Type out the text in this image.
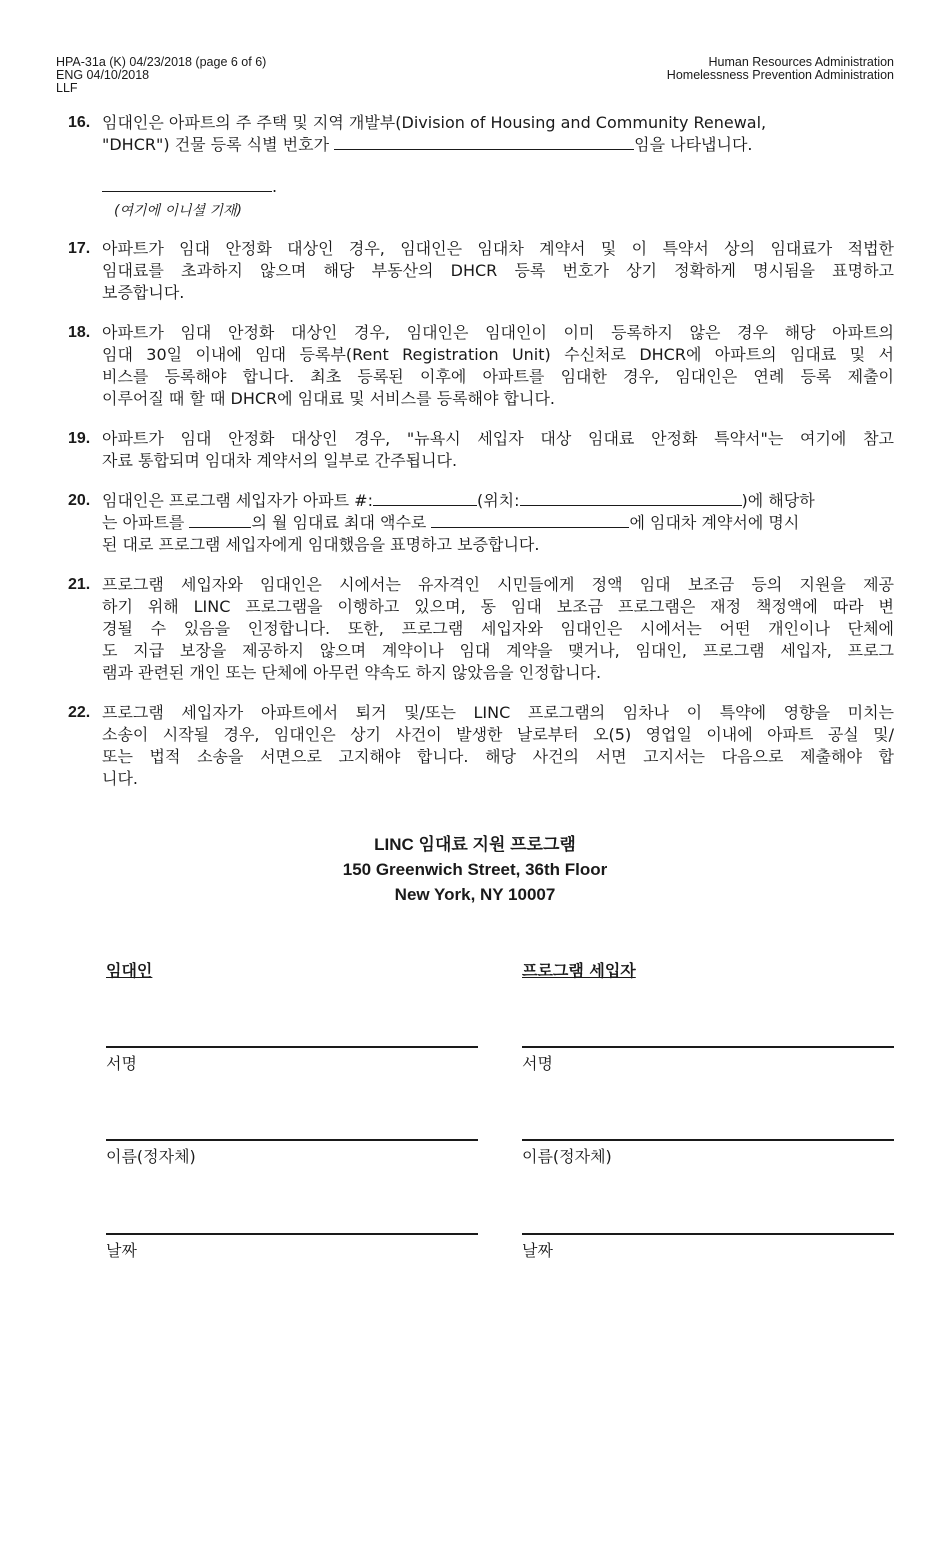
HPA-31a (K) 04/23/2018 (page 6 of 6)
ENG 04/10/2018
LLF
Human Resources Administration
Homelessness Prevention Administration
16. 임대인은 아파트의 주 주택 및 지역 개발부(Division of Housing and Community Renewal,
"DHCR") 건물 등록 식별 번호가	임을 나타냅니다.
.
(여기에 이니셜 기재)
17. 아파트가 임대 안정화 대상인 경우, 임대인은 임대차 계약서 및 이 특약서 상의 임대료가 적법한
임대료를 초과하지 않으며 해당 부동산의 DHCR 등록 번호가 상기 정확하게 명시됨을 표명하고
보증합니다.
18. 아파트가 임대 안정화 대상인 경우, 임대인은 임대인이 이미 등록하지 않은 경우 해당 아파트의
임대 30일 이내에 임대 등록부(Rent Registration Unit) 수신처로 DHCR에 아파트의 임대료 및 서
비스를 등록해야 합니다. 최초 등록된 이후에 아파트를 임대한 경우, 임대인은 연례 등록 제출이
이루어질 때 할 때 DHCR에 임대료 및 서비스를 등록해야 합니다.
19. 아파트가 임대 안정화 대상인 경우, "뉴욕시 세입자 대상 임대료 안정화 특약서"는 여기에 참고
자료 통합되며 임대차 계약서의 일부로 간주됩니다.
20. 임대인은 프로그램 세입자가 아파트 #:	(위치:	)에 해당하
는 아파트를	의 월 임대료 최대 액수로	에 임대차 계약서에 명시
된 대로 프로그램 세입자에게 임대했음을 표명하고 보증합니다.
21. 프로그램 세입자와 임대인은 시에서는 유자격인 시민들에게 정액 임대 보조금 등의 지원을 제공
하기 위해 LINC 프로그램을 이행하고 있으며, 동 임대 보조금 프로그램은 재정 책정액에 따라 변
경될 수 있음을 인정합니다. 또한, 프로그램 세입자와 임대인은 시에서는 어떤 개인이나 단체에
도 지급 보장을 제공하지 않으며 계약이나 임대 계약을 맺거나, 임대인, 프로그램 세입자, 프로그
램과 관련된 개인 또는 단체에 아무런 약속도 하지 않았음을 인정합니다.
22. 프로그램 세입자가 아파트에서 퇴거 및/또는 LINC 프로그램의 임차나 이 특약에 영향을 미치는
소송이 시작될 경우, 임대인은 상기 사건이 발생한 날로부터 오(5) 영업일 이내에 아파트 공실 및/
또는 법적 소송을 서면으로 고지해야 합니다. 해당 사건의 서면 고지서는 다음으로 제출해야 합
니다.
LINC 임대료 지원 프로그램
150 Greenwich Street, 36th Floor
New York, NY 10007
임대인	프로그램 세입자
서명	서명
이름(정자체)	이름(정자체)
날짜	날짜
